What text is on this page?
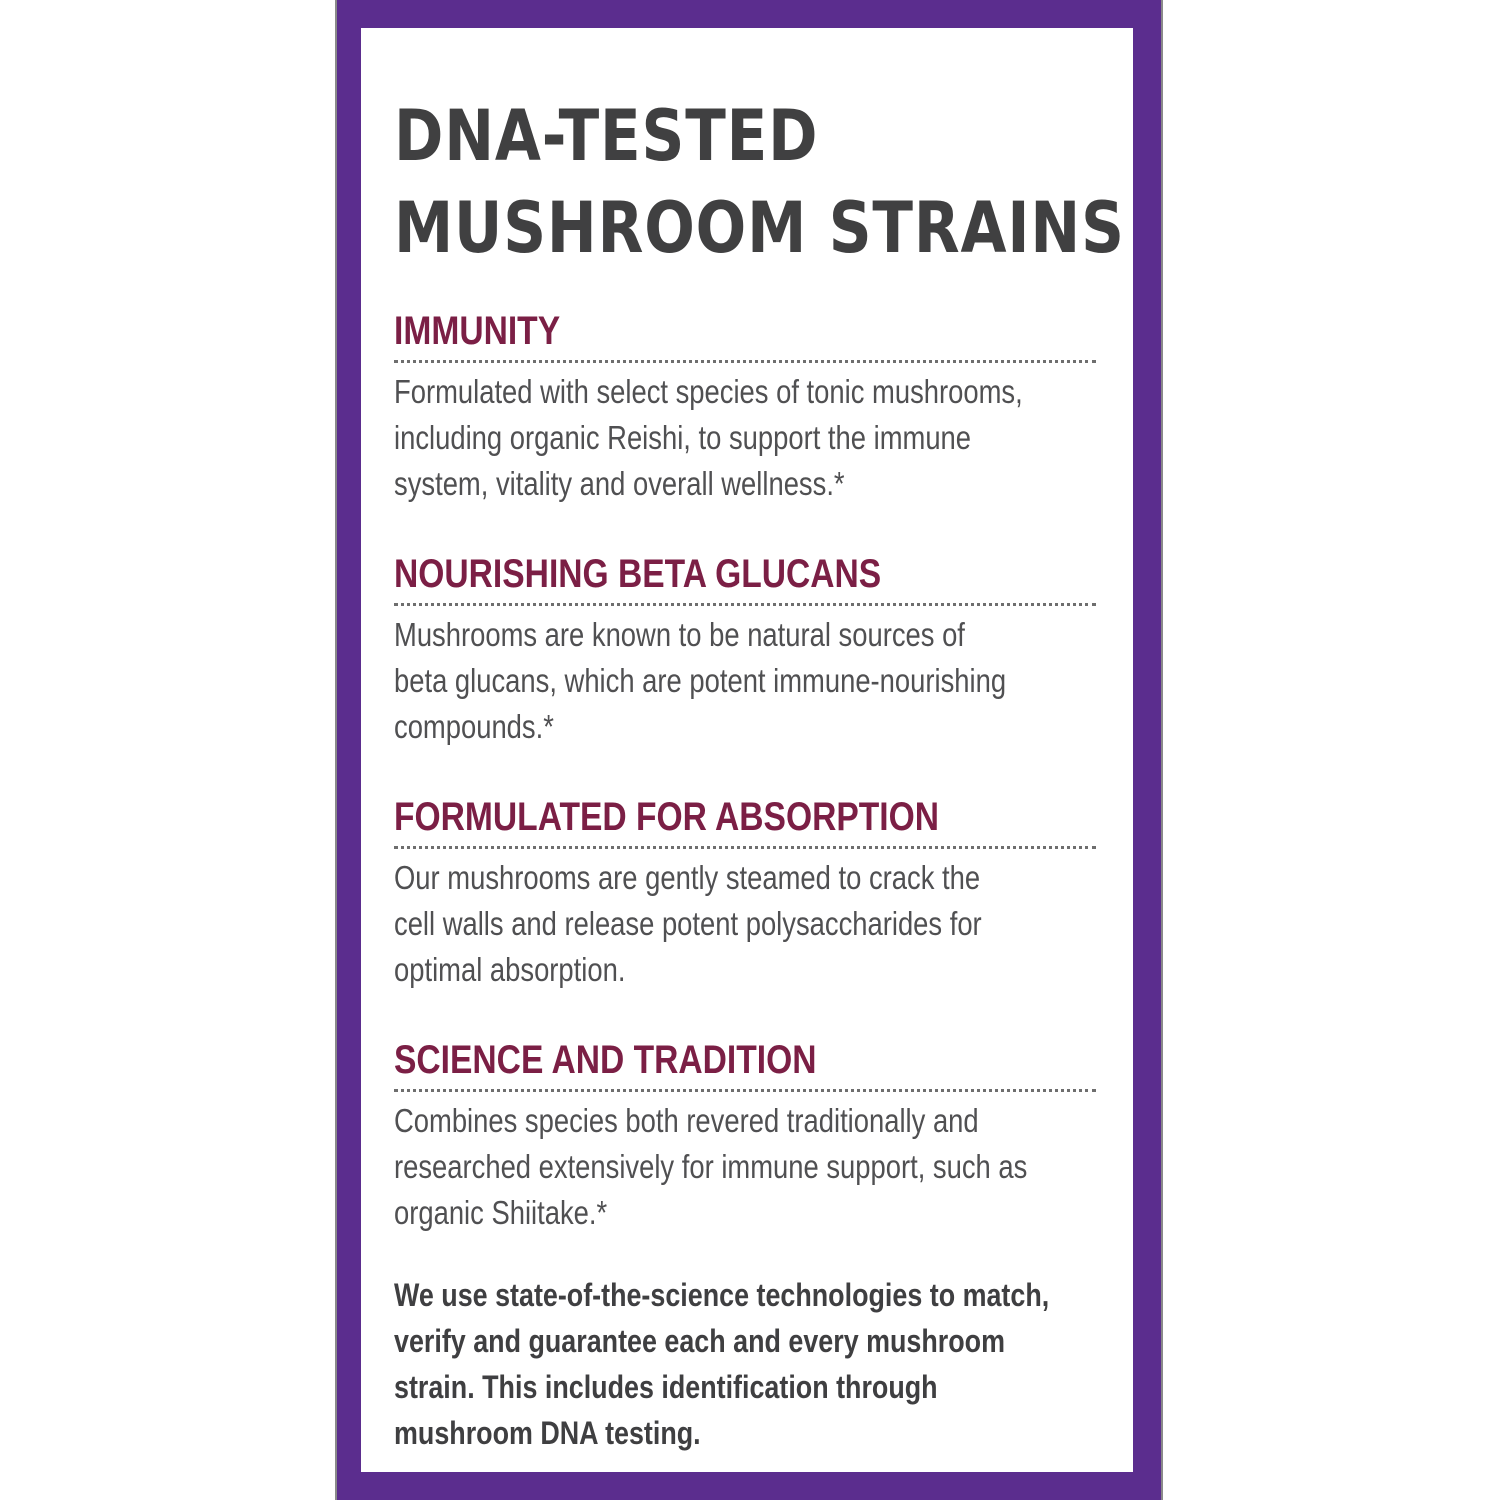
DNA-TESTED
MUSHROOM STRAINS
IMMUNITY

Formulated with select species of tonic mushrooms,
including organic Reishi, to support the immune
system, vitality and overall wellness.*

NOURISHING BETA GLUCANS

Mushrooms are known to be natural sources of
beta glucans, which are potent immune-nourishing
compounds.*

FORMULATED FOR ABSORPTION

Our mushrooms are gently steamed to crack the
cell walls and release potent polysaccharides for
optimal absorption.

SCIENCE AND TRADITION

Combines species both revered traditionally and
researched extensively for immune support, such as
organic Shiitake.*

We use state-of-the-science technologies to match,
verify and guarantee each and every mushroom
strain. This includes identification through
mushroom DNA testing.
